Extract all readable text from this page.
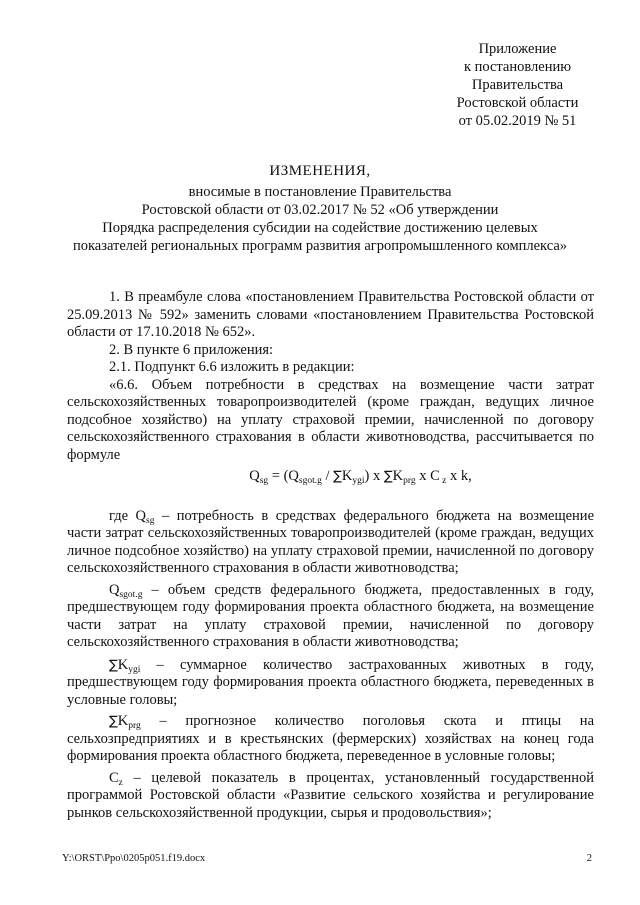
Приложение
к постановлению
Правительства
Ростовской области
от 05.02.2019 № 51
ИЗМЕНЕНИЯ,
вносимые в постановление Правительства
Ростовской области от 03.02.2017 № 52 «Об утверждении
Порядка распределения субсидии на содействие достижению целевых
показателей региональных программ развития агропромышленного комплекса»
1. В преамбуле слова «постановлением Правительства Ростовской области от 25.09.2013 № 592» заменить словами «постановлением Правительства Ростовской области от 17.10.2018 № 652».
2. В пункте 6 приложения:
2.1. Подпункт 6.6 изложить в редакции:
«6.6. Объем потребности в средствах на возмещение части затрат сельскохозяйственных товаропроизводителей (кроме граждан, ведущих личное подсобное хозяйство) на уплату страховой премии, начисленной по договору сельскохозяйственного страхования в области животноводства, рассчитывается по формуле
$Q_{sg} = (Q_{sgot.g} / \sum K_{ygi})$ x $\sum K_{prg}$ x C $_z$ x k,
где $Q_{sg}$ – потребность в средствах федерального бюджета на возмещение части затрат сельскохозяйственных товаропроизводителей (кроме граждан, ведущих личное подсобное хозяйство) на уплату страховой премии, начисленной по договору сельскохозяйственного страхования в области животноводства;
$Q_{sgot.g}$ – объем средств федерального бюджета, предоставленных в году, предшествующем году формирования проекта областного бюджета, на возмещение части затрат на уплату страховой премии, начисленной по договору сельскохозяйственного страхования в области животноводства;
$\sum K_{ygi}$ – суммарное количество застрахованных животных в году, предшествующем году формирования проекта областного бюджета, переведенных в условные головы;
$\sum K_{prg}$ – прогнозное количество поголовья скота и птицы на сельхозпредприятиях и в крестьянских (фермерских) хозяйствах на конец года формирования проекта областного бюджета, переведенное в условные головы;
$C_z$ – целевой показатель в процентах, установленный государственной программой Ростовской области «Развитие сельского хозяйства и регулирование рынков сельскохозяйственной продукции, сырья и продовольствия»;
Y:\ORST\Ppo\0205p051.f19.docx	2
